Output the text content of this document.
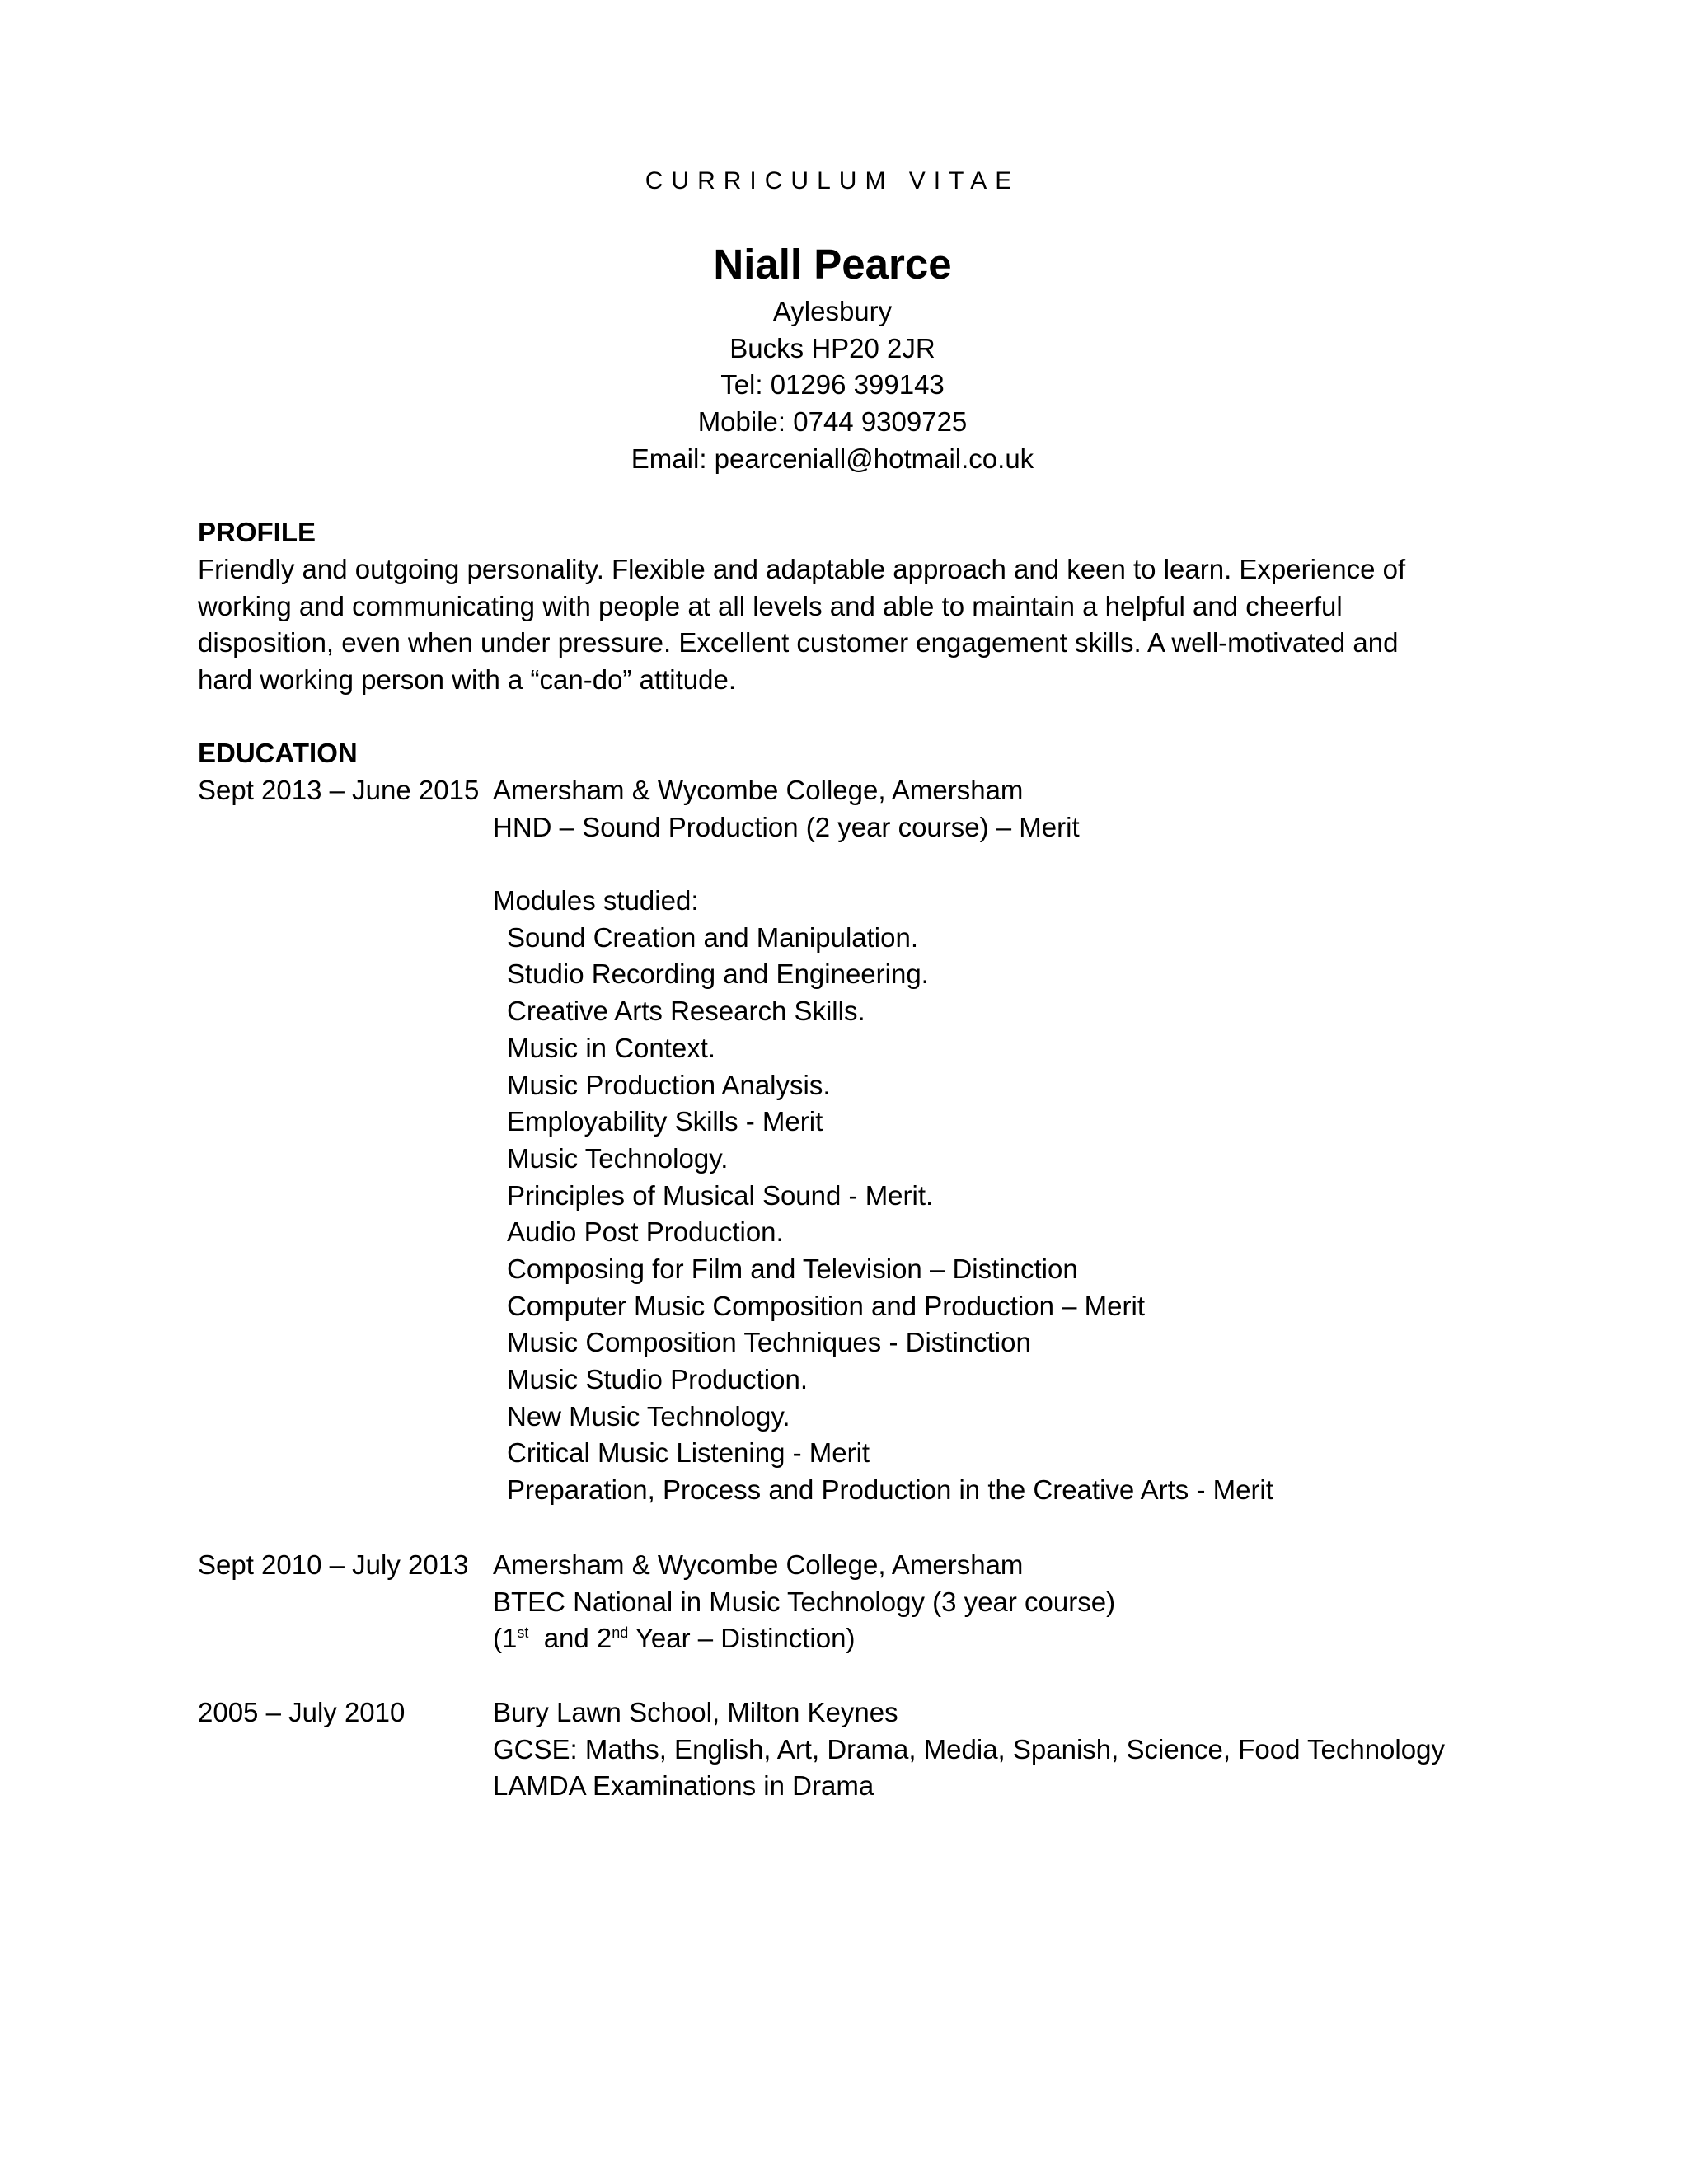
CURRICULUM VITAE
Niall Pearce
Aylesbury
Bucks HP20 2JR
Tel: 01296 399143
Mobile: 0744 9309725
Email: pearceniall@hotmail.co.uk
PROFILE
Friendly and outgoing personality. Flexible and adaptable approach and keen to learn. Experience of
working and communicating with people at all levels and able to maintain a helpful and cheerful
disposition, even when under pressure. Excellent customer engagement skills. A well-motivated and
hard working person with a “can-do” attitude.
EDUCATION
Sept 2013 – June 2015 Amersham & Wycombe College, Amersham
HND – Sound Production (2 year course) – Merit
Modules studied:
Sound Creation and Manipulation.
Studio Recording and Engineering.
Creative Arts Research Skills.
Music in Context.
Music Production Analysis.
Employability Skills - Merit
Music Technology.
Principles of Musical Sound - Merit.
Audio Post Production.
Composing for Film and Television – Distinction
Computer Music Composition and Production – Merit
Music Composition Techniques - Distinction
Music Studio Production.
New Music Technology.
Critical Music Listening - Merit
Preparation, Process and Production in the Creative Arts - Merit
Sept 2010 – July 2013 Amersham & Wycombe College, Amersham
BTEC National in Music Technology (3 year course)
(1st  and 2nd Year – Distinction)
2005 – July 2010	Bury Lawn School, Milton Keynes
GCSE: Maths, English, Art, Drama, Media, Spanish, Science, Food Technology
LAMDA Examinations in Drama
